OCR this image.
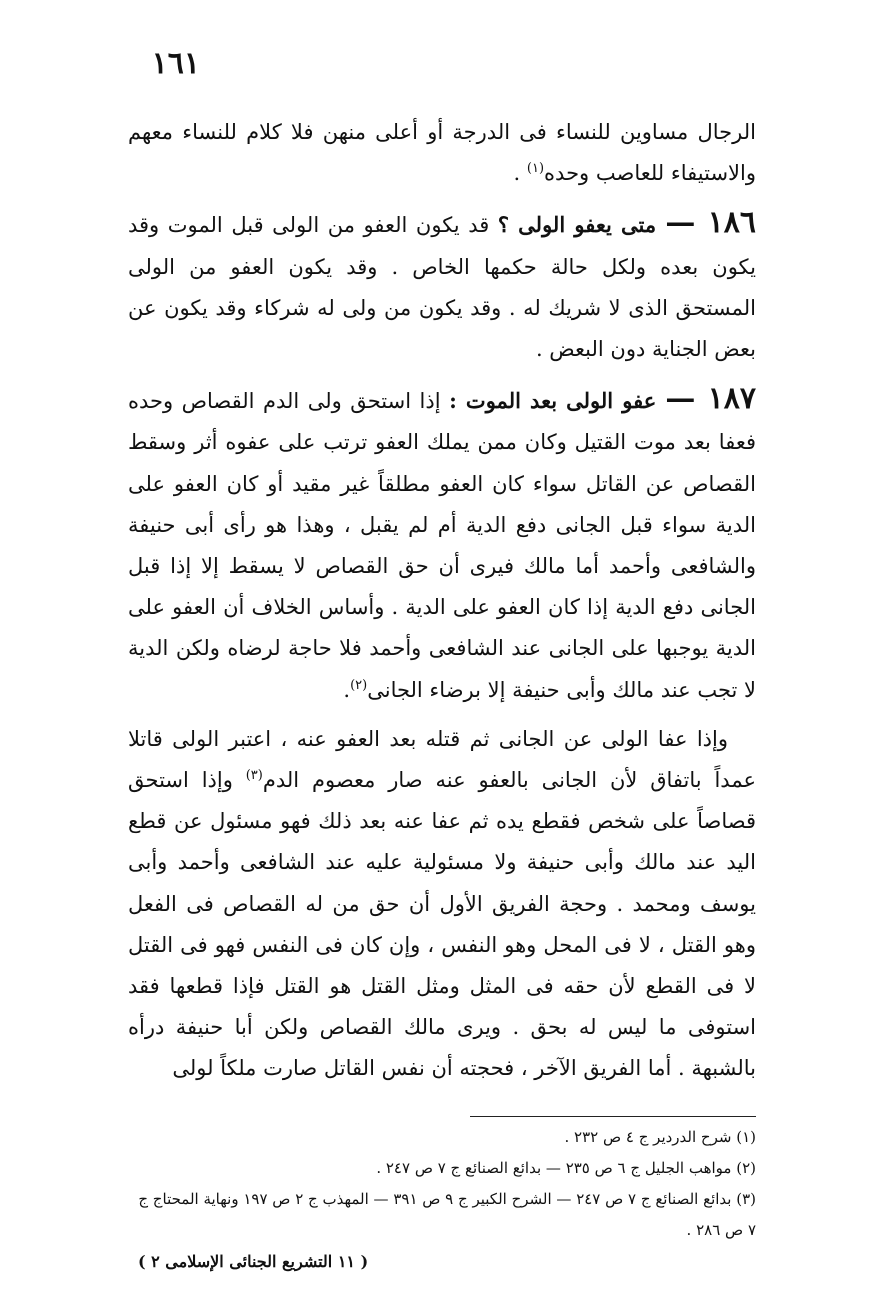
١٦١

الرجال مساوين للنساء فى الدرجة أو أعلى منهن فلا كلام للنساء معهم والاستيفاء للعاصب وحده$^{(١)}$ .

١٨٦ — متى يعفو الولى ؟ قد يكون العفو من الولى قبل الموت وقد يكون بعده ولكل حالة حكمها الخاص . وقد يكون العفو من الولى المستحق الذى لا شريك له . وقد يكون من ولى له شركاء وقد يكون عن بعض الجناية دون البعض .

١٨٧ — عفو الولى بعد الموت : إذا استحق ولى الدم القصاص وحده فعفا بعد موت القتيل وكان ممن يملك العفو ترتب على عفوه أثر وسقط القصاص عن القاتل سواء كان العفو مطلقاً غير مقيد أو كان العفو على الدية سواء قبل الجانى دفع الدية أم لم يقبل ، وهذا هو رأى أبى حنيفة والشافعى وأحمد أما مالك فيرى أن حق القصاص لا يسقط إلا إذا قبل الجانى دفع الدية إذا كان العفو على الدية . وأساس الخلاف أن العفو على الدية يوجبها على الجانى عند الشافعى وأحمد فلا حاجة لرضاه ولكن الدية لا تجب عند مالك وأبى حنيفة إلا برضاء الجانى$^{(٢)}$.

وإذا عفا الولى عن الجانى ثم قتله بعد العفو عنه ، اعتبر الولى قاتلا عمداً باتفاق لأن الجانى بالعفو عنه صار معصوم الدم$^{(٣)}$ وإذا استحق قصاصاً على شخص فقطع يده ثم عفا عنه بعد ذلك فهو مسئول عن قطع اليد عند مالك وأبى حنيفة ولا مسئولية عليه عند الشافعى وأحمد وأبى يوسف ومحمد . وحجة الفريق الأول أن حق من له القصاص فى الفعل وهو القتل ، لا فى المحل وهو النفس ، وإن كان فى النفس فهو فى القتل لا فى القطع لأن حقه فى المثل ومثل القتل هو القتل فإذا قطعها فقد استوفى ما ليس له بحق . ويرى مالك القصاص ولكن أبا حنيفة درأه بالشبهة . أما الفريق الآخر ، فحجته أن نفس القاتل صارت ملكاً لولى

(١) شرح الدردير ج ٤ ص ٢٣٢ .

(٢) مواهب الجليل ج ٦ ص ٢٣٥ — بدائع الصنائع ج ٧ ص ٢٤٧ .

(٣) بدائع الصنائع ج ٧ ص ٢٤٧ — الشرح الكبير ج ٩ ص ٣٩١ — المهذب ج ٢ ص ١٩٧ ونهاية المحتاج ج ٧ ص ٢٨٦ .

( ١١ التشريع الجنائى الإسلامى ٢ )
